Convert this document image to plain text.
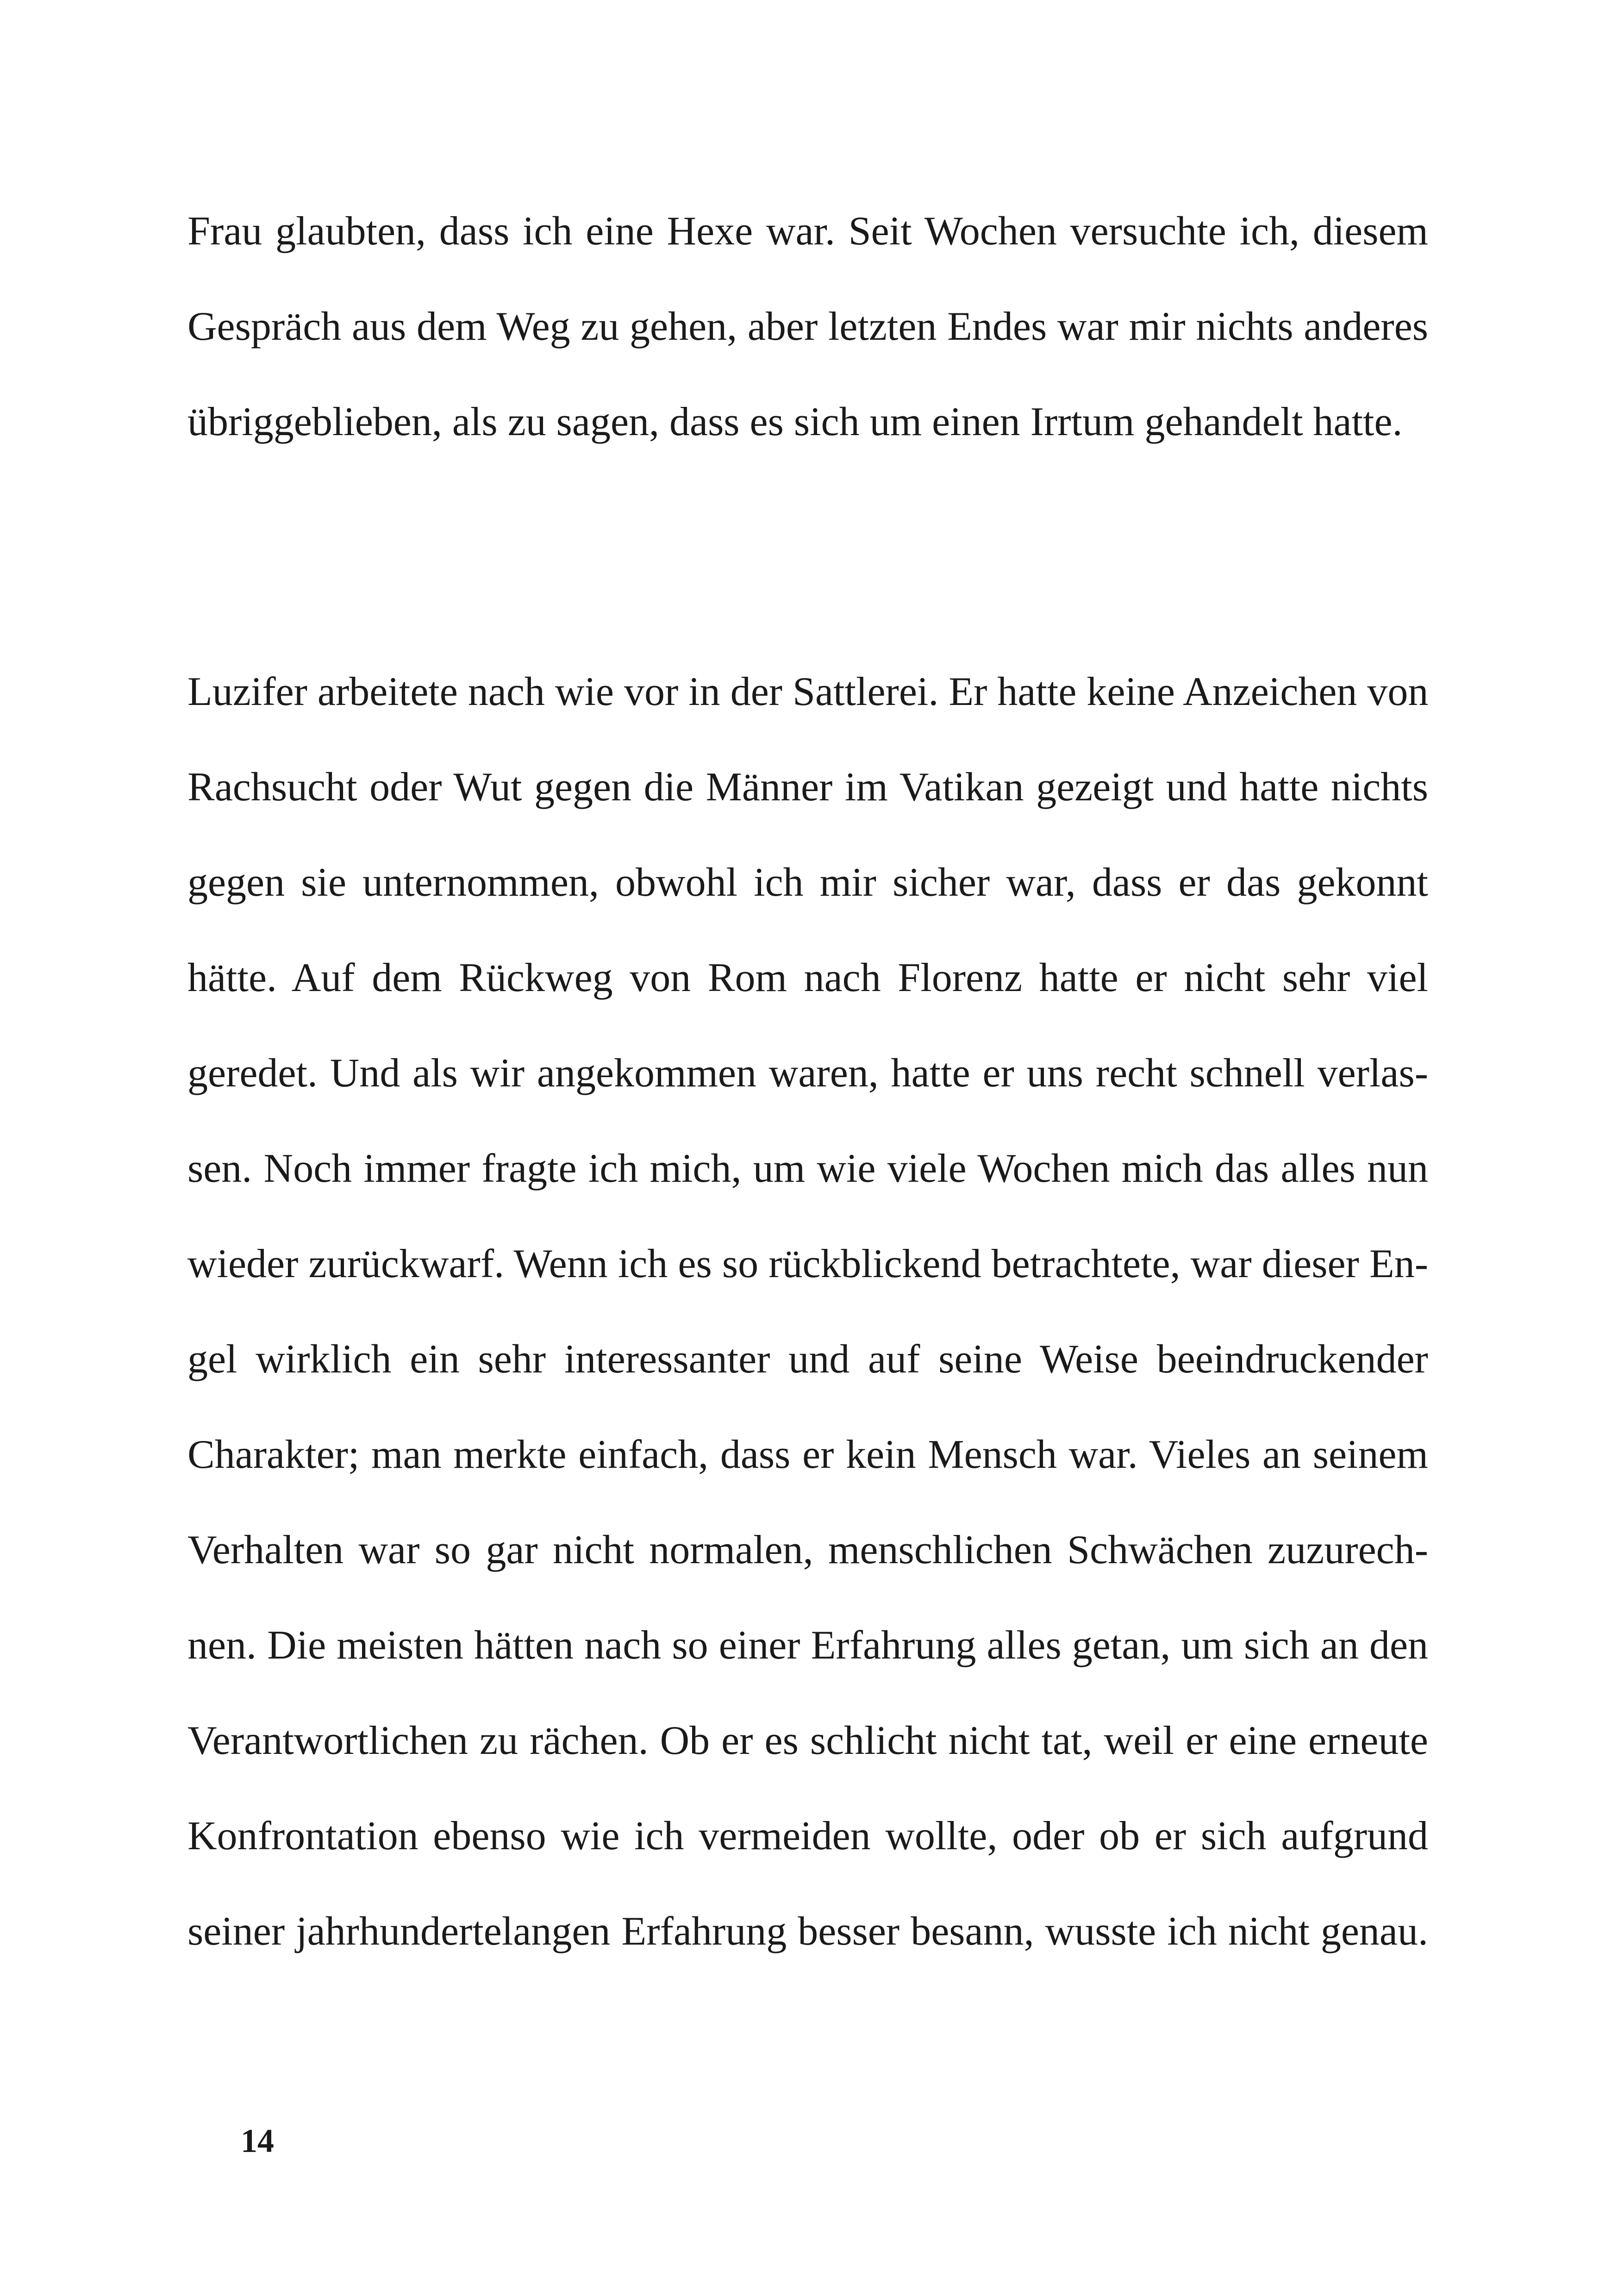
Frau glaubten, dass ich eine Hexe war. Seit Wochen versuchte ich, diesem
Gespräch aus dem Weg zu gehen, aber letzten Endes war mir nichts anderes
übriggeblieben, als zu sagen, dass es sich um einen Irrtum gehandelt hatte.
Luzifer arbeitete nach wie vor in der Sattlerei. Er hatte keine Anzeichen von
Rachsucht oder Wut gegen die Männer im Vatikan gezeigt und hatte nichts
gegen sie unternommen, obwohl ich mir sicher war, dass er das gekonnt
hätte. Auf dem Rückweg von Rom nach Florenz hatte er nicht sehr viel
geredet. Und als wir angekommen waren, hatte er uns recht schnell verlas-
sen. Noch immer fragte ich mich, um wie viele Wochen mich das alles nun
wieder zurückwarf. Wenn ich es so rückblickend betrachtete, war dieser En-
gel wirklich ein sehr interessanter und auf seine Weise beeindruckender
Charakter; man merkte einfach, dass er kein Mensch war. Vieles an seinem
Verhalten war so gar nicht normalen, menschlichen Schwächen zuzurech-
nen. Die meisten hätten nach so einer Erfahrung alles getan, um sich an den
Verantwortlichen zu rächen. Ob er es schlicht nicht tat, weil er eine erneute
Konfrontation ebenso wie ich vermeiden wollte, oder ob er sich aufgrund
seiner jahrhundertelangen Erfahrung besser besann, wusste ich nicht genau.
14
